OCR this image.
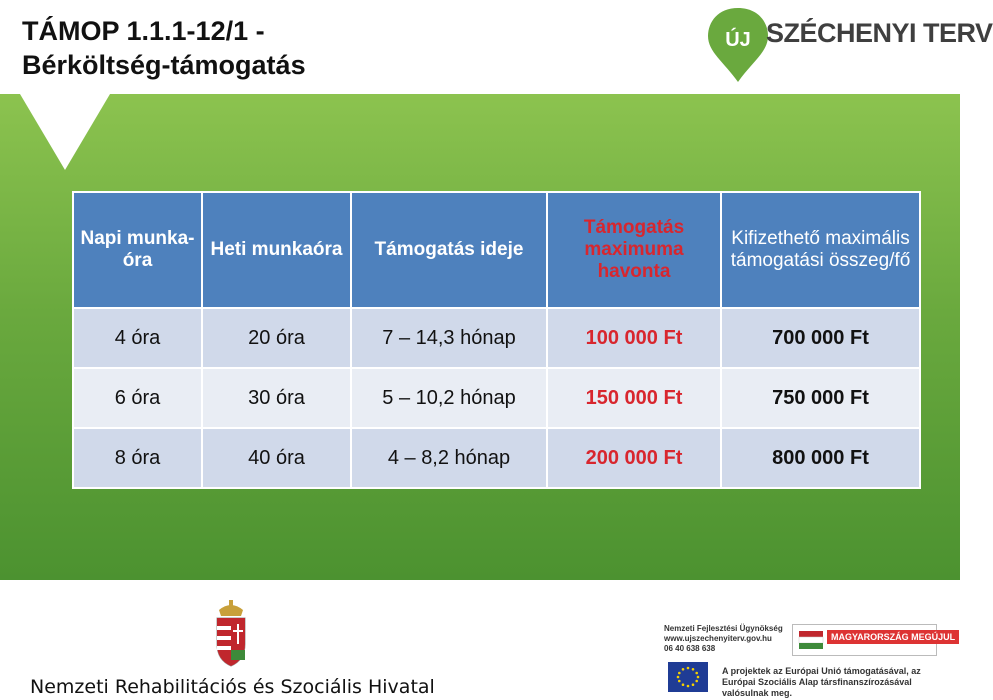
TÁMOP 1.1.1-12/1 -
Bérköltség-támogatás
ÚJ SZÉCHENYI TERV
Napi munka-óra	Heti munkaóra	Támogatás ideje	Támogatás maximuma havonta	Kifizethető maximális támogatási összeg/fő
4 óra	20 óra	7 – 14,3 hónap	100 000 Ft	700 000 Ft
6 óra	30 óra	5 – 10,2 hónap	150 000 Ft	750 000 Ft
8 óra	40 óra	4 – 8,2 hónap	200 000 Ft	800 000 Ft
Nemzeti Rehabilitációs és Szociális Hivatal
Nemzeti Fejlesztési Ügynökség
www.ujszechenyiterv.gov.hu
06 40 638 638
MAGYARORSZÁG MEGÚJUL
A projektek az Európai Unió támogatásával, az Európai Szociális Alap társfinanszírozásával valósulnak meg.
